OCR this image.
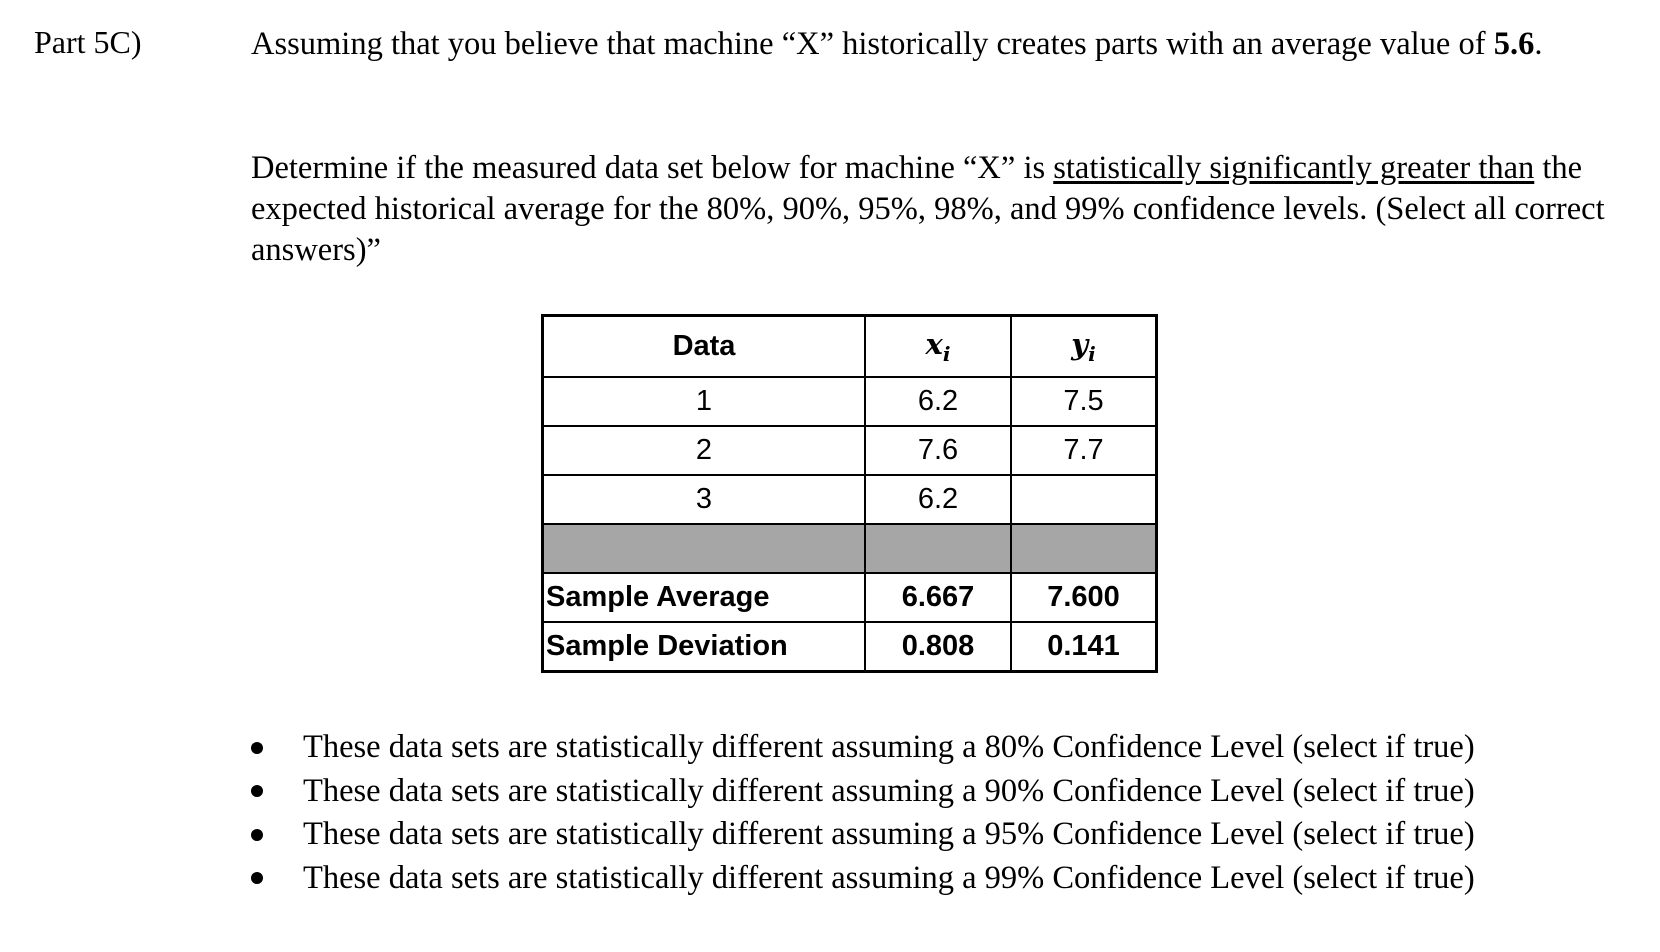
Part 5C)	Assuming that you believe that machine “X” historically creates parts with an average value of 5.6.
Determine if the measured data set below for machine “X” is statistically significantly greater than the expected historical average for the 80%, 90%, 95%, 98%, and 99% confidence levels. (Select all correct answers)”
Data	$x_i$	$y_i$
1	6.2	7.5
2	7.6	7.7
3	6.2	

Sample Average	6.667	7.600
Sample Deviation	0.808	0.141
These data sets are statistically different assuming a 80% Confidence Level (select if true)
These data sets are statistically different assuming a 90% Confidence Level (select if true)
These data sets are statistically different assuming a 95% Confidence Level (select if true)
These data sets are statistically different assuming a 99% Confidence Level (select if true)
